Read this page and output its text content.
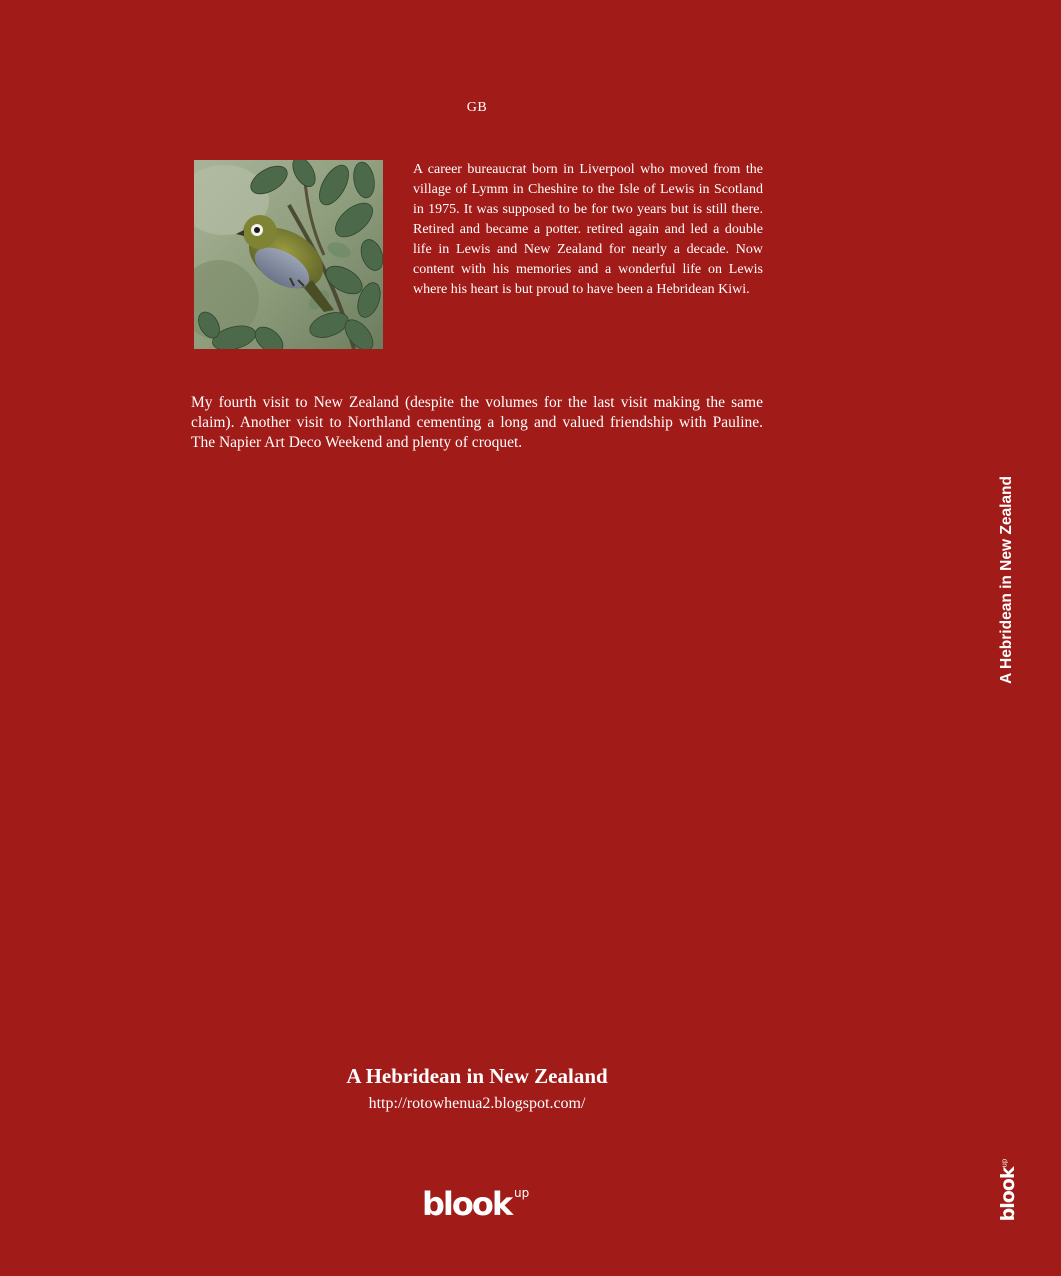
GB

A career bureaucrat born in Liverpool who moved from the village of Lymm in Cheshire to the Isle of Lewis in Scotland in 1975. It was supposed to be for two years but is still there. Retired and became a potter. retired again and led a double life in Lewis and New Zealand for nearly a decade. Now content with his memories and a wonderful life on Lewis where his heart is but proud to have been a Hebridean Kiwi.

My fourth visit to New Zealand (despite the volumes for the last visit making the same claim). Another visit to Northland cementing a long and valued friendship with Pauline. The Napier Art Deco Weekend and plenty of croquet.

A Hebridean in New Zealand
http://rotowhenua2.blogspot.com/
blook up
A Hebridean in New Zealand
blook$^{up}$
